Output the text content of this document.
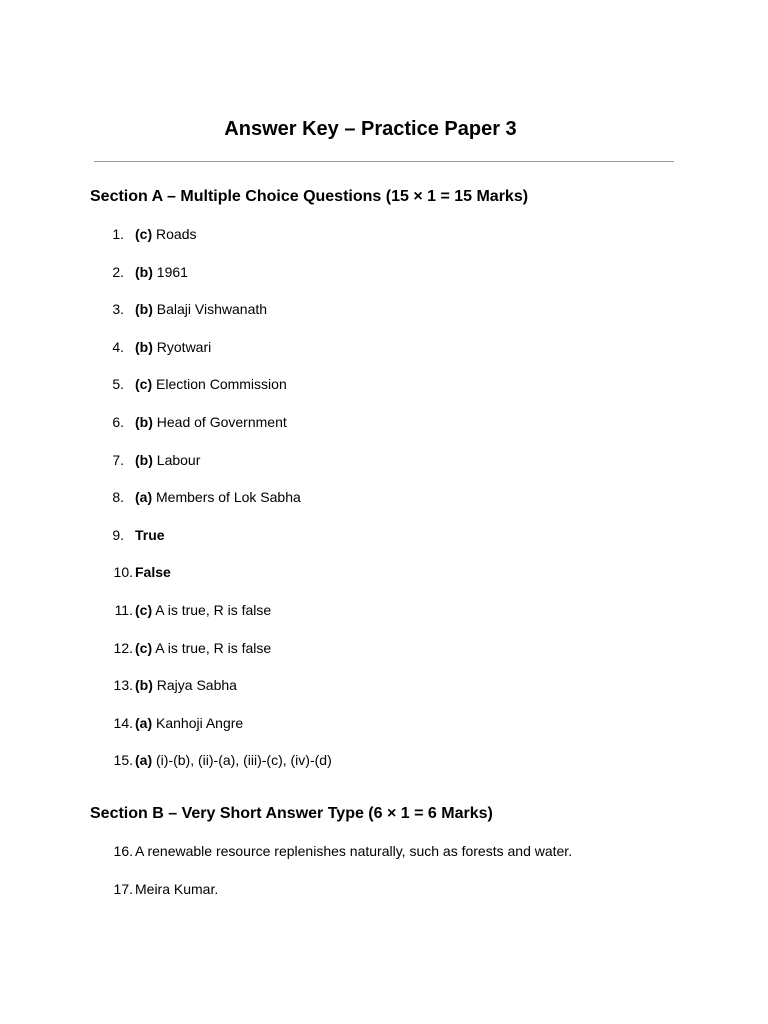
Answer Key – Practice Paper 3
Section A – Multiple Choice Questions (15 × 1 = 15 Marks)
1. (c) Roads
2. (b) 1961
3. (b) Balaji Vishwanath
4. (b) Ryotwari
5. (c) Election Commission
6. (b) Head of Government
7. (b) Labour
8. (a) Members of Lok Sabha
9. True
10. False
11. (c) A is true, R is false
12. (c) A is true, R is false
13. (b) Rajya Sabha
14. (a) Kanhoji Angre
15. (a) (i)-(b), (ii)-(a), (iii)-(c), (iv)-(d)
Section B – Very Short Answer Type (6 × 1 = 6 Marks)
16. A renewable resource replenishes naturally, such as forests and water.
17. Meira Kumar.
